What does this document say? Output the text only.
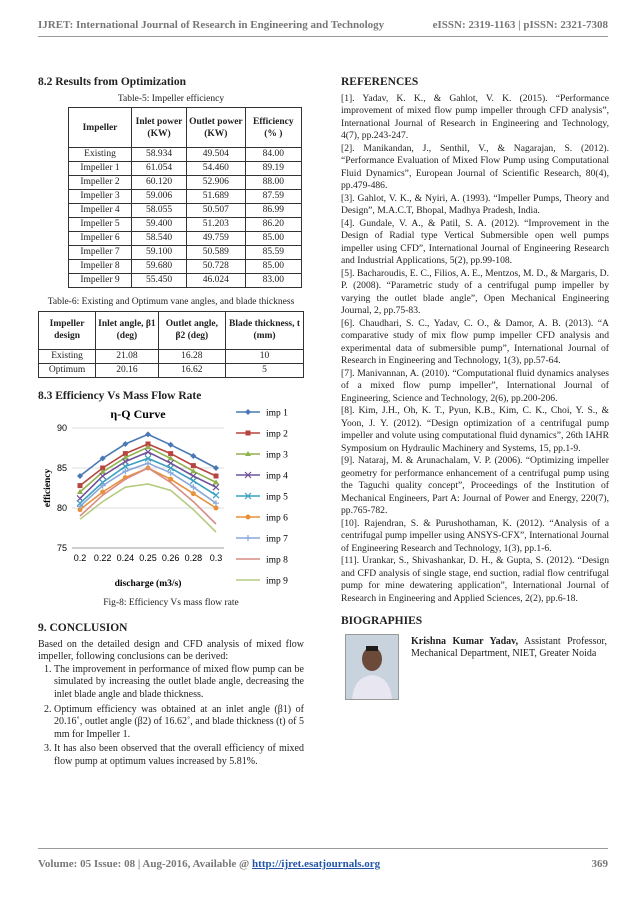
IJRET: International Journal of Research in Engineering and Technology	eISSN: 2319-1163 | pISSN: 2321-7308
8.2 Results from Optimization
Table-5: Impeller efficiency
Impeller	Inlet power (KW)	Outlet power (KW)	Efficiency (% )
Existing	58.934	49.504	84.00
Impeller 1	61.054	54.460	89.19
Impeller 2	60.120	52.906	88.00
Impeller 3	59.006	51.689	87.59
Impeller 4	58.055	50.507	86.99
Impeller 5	59.400	51.203	86.20
Impeller 6	58.540	49.759	85.00
Impeller 7	59.100	50.589	85.59
Impeller 8	59.680	50.728	85.00
Impeller 9	55.450	46.024	83.00
Table-6: Existing and Optimum vane angles, and blade thickness
Impeller design	Inlet angle, β1 (deg)	Outlet angle, β2 (deg)	Blade thickness, t (mm)
Existing	21.08	16.28	10
Optimum	20.16	16.62	5
8.3 Efficiency Vs Mass Flow Rate
η-Q Curve
75
80
85
90
0.2 0.22 0.24 0.25 0.26 0.28 0.3
discharge (m3/s)
efficiency
imp 1
imp 2
imp 3
imp 4
imp 5
imp 6
imp 7
imp 8
imp 9
Fig-8: Efficiency Vs mass flow rate
9. CONCLUSION

Based on the detailed design and CFD analysis of mixed flow impeller, following conclusions can be derived:

1. The improvement in performance of mixed flow pump can be simulated by increasing the outlet blade angle, decreasing the inlet blade angle and blade thickness.
2. Optimum efficiency was obtained at an inlet angle (β1) of 20.16˚, outlet angle (β2) of 16.62˚, and blade thickness (t) of 5 mm for Impeller 1.
3. It has also been observed that the overall efficiency of mixed flow pump at optimum values increased by 5.81%.
REFERENCES

[1]. Yadav, K. K., & Gahlot, V. K. (2015). “Performance improvement of mixed flow pump impeller through CFD analysis”, International Journal of Research in Engineering and Technology, 4(7), pp.243-247.

[2]. Manikandan, J., Senthil, V., & Nagarajan, S. (2012). “Performance Evaluation of Mixed Flow Pump using Computational Fluid Dynamics”, European Journal of Scientific Research, 80(4), pp.479-486.

[3]. Gahlot, V. K., & Nyiri, A. (1993). “Impeller Pumps, Theory and Design”, M.A.C.T, Bhopal, Madhya Pradesh, India.

[4]. Gundale, V. A., & Patil, S. A. (2012). “Improvement in the Design of Radial type Vertical Submersible open well pumps impeller using CFD”, International Journal of Engineering Research and Industrial Applications, 5(2), pp.99-108.

[5]. Bacharoudis, E. C., Filios, A. E., Mentzos, M. D., & Margaris, D. P. (2008). “Parametric study of a centrifugal pump impeller by varying the outlet blade angle”, Open Mechanical Engineering Journal, 2, pp.75-83.

[6]. Chaudhari, S. C., Yadav, C. O., & Damor, A. B. (2013). “A comparative study of mix flow pump impeller CFD analysis and experimental data of submersible pump”, International Journal of Research in Engineering and Technology, 1(3), pp.57-64.

[7]. Manivannan, A. (2010). “Computational fluid dynamics analyses of a mixed flow pump impeller”, International Journal of Engineering, Science and Technology, 2(6), pp.200-206.

[8]. Kim, J.H., Oh, K. T., Pyun, K.B., Kim, C. K., Choi, Y. S., & Yoon, J. Y. (2012). “Design optimization of a centrifugal pump impeller and volute using computational fluid dynamics”, 26th IAHR Symposium on Hydraulic Machinery and Systems, 15, pp.1-9.

[9]. Nataraj, M. & Arunachalam, V. P. (2006). “Optimizing impeller geometry for performance enhancement of a centrifugal pump using the Taguchi quality concept”, Proceedings of the Institution of Mechanical Engineers, Part A: Journal of Power and Energy, 220(7), pp.765-782.

[10]. Rajendran, S. & Purushothaman, K. (2012). “Analysis of a centrifugal pump impeller using ANSYS-CFX”, International Journal of Engineering Research and Technology, 1(3), pp.1-6.

[11]. Urankar, S., Shivashankar, D. H., & Gupta, S. (2012). “Design and CFD analysis of single stage, end suction, radial flow centrifugal pump for mine dewatering application”, International Journal of Research in Engineering and Applied Sciences, 2(2), pp.6-18.

BIOGRAPHIES
Krishna Kumar Yadav, Assistant Professor, Mechanical Department, NIET, Greater Noida
Volume: 05 Issue: 08 | Aug-2016, Available @ http://ijret.esatjournals.org	369
